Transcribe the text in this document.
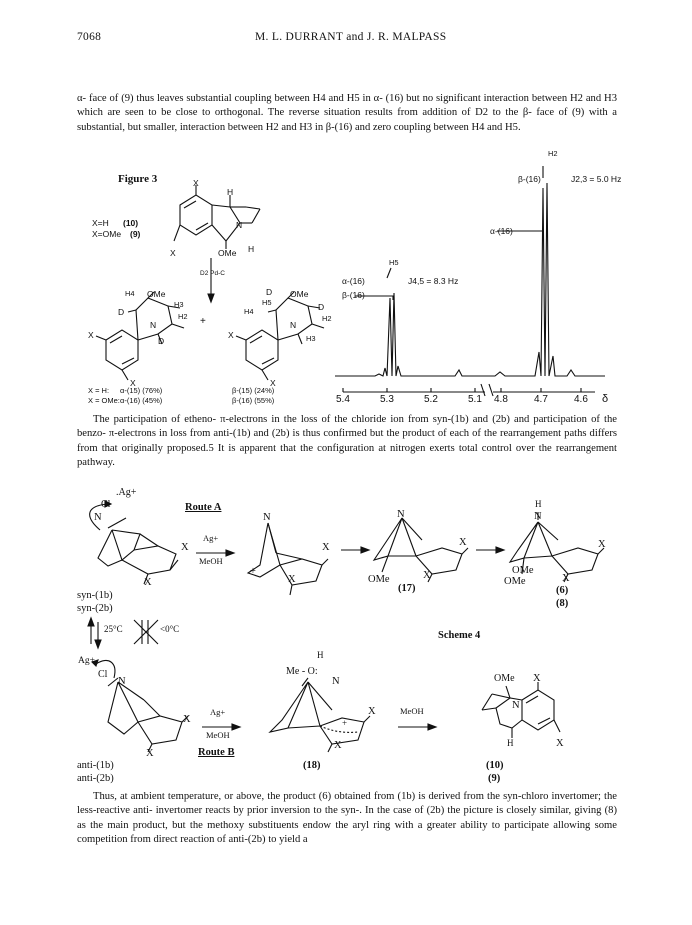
7068	M. L. DURRANT and J. R. MALPASS
α- face of (9) thus leaves substantial coupling between H4 and H5 in α- (16) but no significant interaction between H2 and H3 which are seen to be close to orthogonal. The reverse situation results from addition of D2 to the β- face of (9) with a substantial, but smaller, interaction between H2 and H3 in β-(16) and zero coupling between H4 and H5.
Figure 3
X=H (10)
X=OMe (9)
X
H
N
X	OMe H
D2 Pd-C
H4 OMe
D
H3
H2
N
D
X
X
+
D OMe
H5
H4	D
H2
N
H3
X
X
X = H: α-(15) (76%)
X = OMe: α-(16) (45%)
β-(15) (24%)
β-(16) (55%)
H2
β-(16)	J2,3 = 5.0 Hz
α-(16)
H5
α-(16)	J4,5 = 8.3 Hz
β-(16)
5.4	5.3	5.2	5.1 4.8	4.7	4.6 δ
The participation of etheno- π-electrons in the loss of the chloride ion from syn-(1b) and (2b) and participation of the benzo- π-electrons in loss from anti-(1b) and (2b) is thus confirmed but the product of each of the rearrangement paths differs from that originally proposed.5 It is apparent that the configuration at nitrogen exerts total control over the rearrangement pathway.
.Ag+
Cl
N
X
X
Route A
Ag+
MeOH
N
X
X
+
N
X
X
OMe
(17)
H
N
X
X
OMe
OMe
(6)
(8)
syn-(1b)
syn-(2b)
25°C	<0°C
Scheme 4
Ag+
Cl
N
X
X
Ag+
MeOH
Route B
anti-(1b)
anti-(2b)
H
Me - O:
N
X
X
+
(18)
MeOH
OMe X
N
H	X
(10)
(9)
Thus, at ambient temperature, or above, the product (6) obtained from (1b) is derived from the syn-chloro invertomer; the less-reactive anti- invertomer reacts by prior inversion to the syn-. In the case of (2b) the picture is closely similar, giving (8) as the main product, but the methoxy substituents endow the aryl ring with a greater ability to participate allowing some competition from direct reaction of anti-(2b) to yield a
